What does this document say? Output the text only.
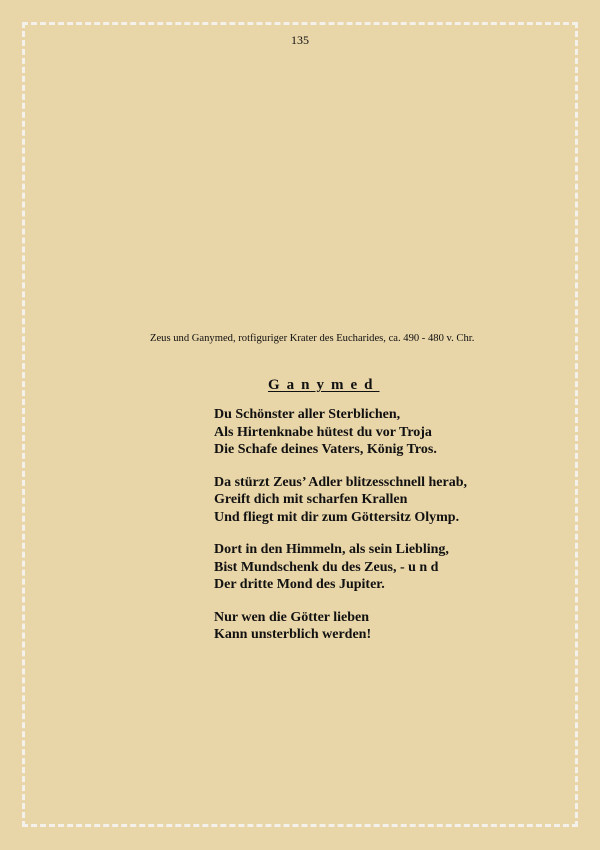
135
Zeus und Ganymed, rotfiguriger Krater des Eucharides, ca. 490 - 480 v. Chr.
Ganymed
Du Schönster aller Sterblichen,
Als Hirtenknabe hütest du vor Troja
Die Schafe deines Vaters, König Tros.
Da stürzt Zeus’ Adler blitzesschnell herab,
Greift dich mit scharfen Krallen
Und fliegt mit dir zum Göttersitz Olymp.
Dort in den Himmeln, als sein Liebling,
Bist Mundschenk du des Zeus, - u n d
Der dritte Mond des Jupiter.
Nur wen die Götter lieben
Kann unsterblich werden!
